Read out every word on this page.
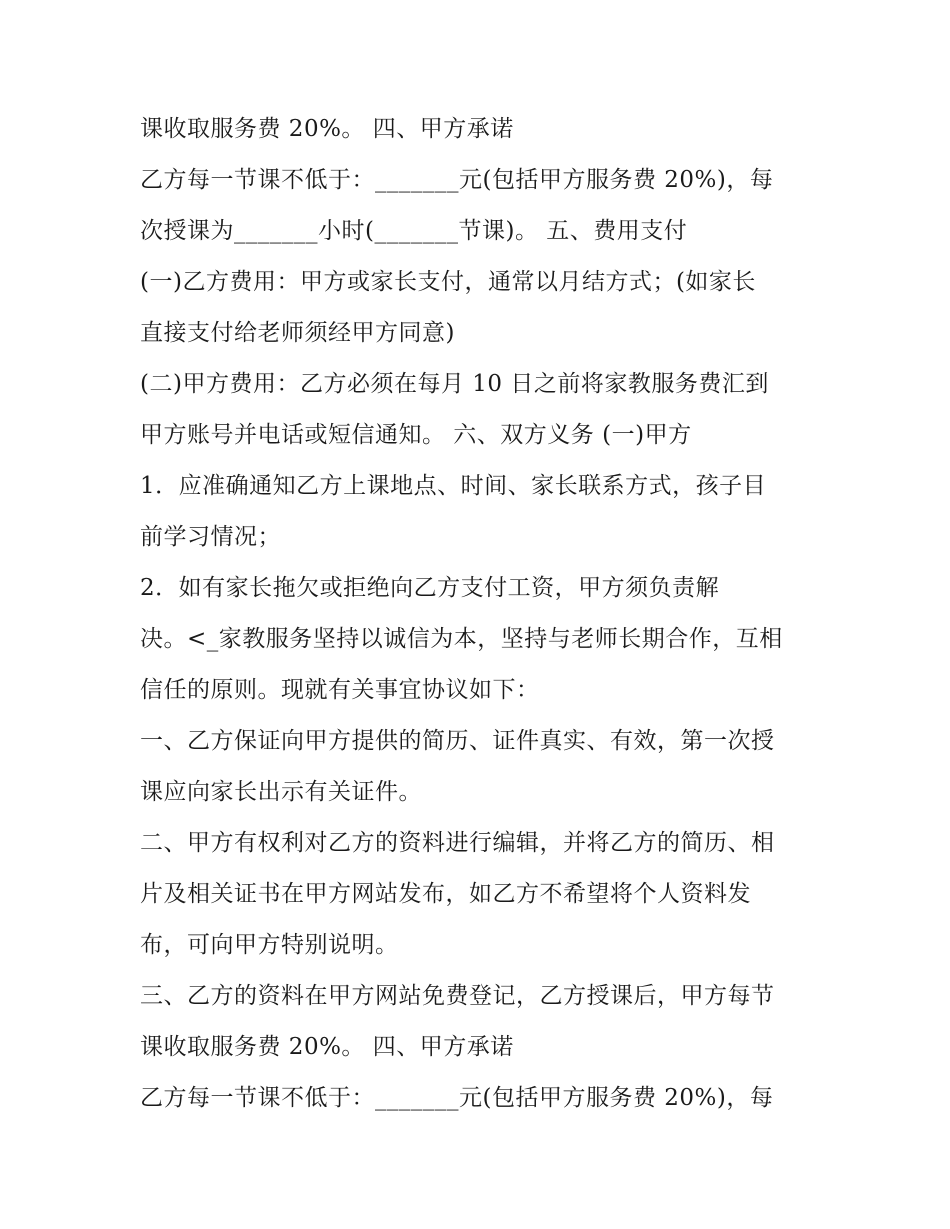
课收取服务费 20%。 四、甲方承诺
乙方每一节课不低于：_______元(包括甲方服务费 20%)，每
次授课为_______小时(_______节课)。 五、费用支付
(一)乙方费用：甲方或家长支付，通常以月结方式；(如家长
直接支付给老师须经甲方同意)
(二)甲方费用：乙方必须在每月 10 日之前将家教服务费汇到
甲方账号并电话或短信通知。 六、双方义务 (一)甲方
1．应准确通知乙方上课地点、时间、家长联系方式，孩子目
前学习情况；
2．如有家长拖欠或拒绝向乙方支付工资，甲方须负责解
决。<_家教服务坚持以诚信为本，坚持与老师长期合作，互相
信任的原则。现就有关事宜协议如下：
一、乙方保证向甲方提供的简历、证件真实、有效，第一次授
课应向家长出示有关证件。
二、甲方有权利对乙方的资料进行编辑，并将乙方的简历、相
片及相关证书在甲方网站发布，如乙方不希望将个人资料发
布，可向甲方特别说明。
三、乙方的资料在甲方网站免费登记，乙方授课后，甲方每节
课收取服务费 20%。 四、甲方承诺
乙方每一节课不低于：_______元(包括甲方服务费 20%)，每
